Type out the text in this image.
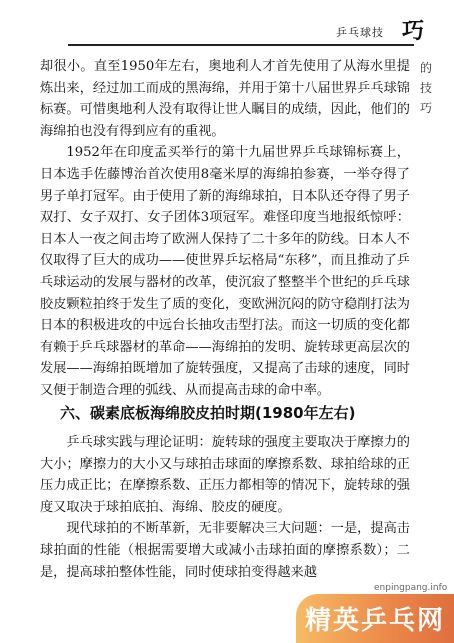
乒乓球技 巧
的
技
巧

却很小。直至1950年左右，奥地利人才首先使用了从海水里提炼出来，经过加工而成的黑海绵，并用于第十八届世界乒乓球锦标赛。可惜奥地利人没有取得让世人瞩目的成绩，因此，他们的海绵拍也没有得到应有的重视。

1952年在印度孟买举行的第十九届世界乒乓球锦标赛上，日本选手佐藤博治首次使用8毫米厚的海绵拍参赛，一举夺得了男子单打冠军。由于使用了新的海绵球拍，日本队还夺得了男子双打、女子双打、女子团体3项冠军。难怪印度当地报纸惊呼：日本人一夜之间击垮了欧洲人保持了二十多年的防线。日本人不仅取得了巨大的成功——使世界乒坛格局“东移”，而且推动了乒乓球运动的发展与器材的改革，使沉寂了整整半个世纪的乒乓球胶皮颗粒拍终于发生了质的变化，变欧洲沉闷的防守稳削打法为日本的积极进攻的中远台长抽攻击型打法。而这一切质的变化都有赖于乒乓球器材的革命——海绵拍的发明、旋转球更高层次的发展——海绵拍既增加了旋转强度，又提高了击球的速度，同时又便于制造合理的弧线、从而提高击球的命中率。

六、碳素底板海绵胶皮拍时期(1980年左右)

乒乓球实践与理论证明：旋转球的强度主要取决于摩擦力的大小；摩擦力的大小又与球拍击球面的摩擦系数、球拍给球的正压力成正比；在摩擦系数、正压力都相等的情况下，旋转球的强度又取决于球拍底拍、海绵、胶皮的硬度。

现代球拍的不断革新，无非要解决三大问题：一是，提高击球拍面的性能（根据需要增大或减小击球拍面的摩擦系数）；二是，提高球拍整体性能，同时使球拍变得越来越

enpingpang.info
精英乒乓网
